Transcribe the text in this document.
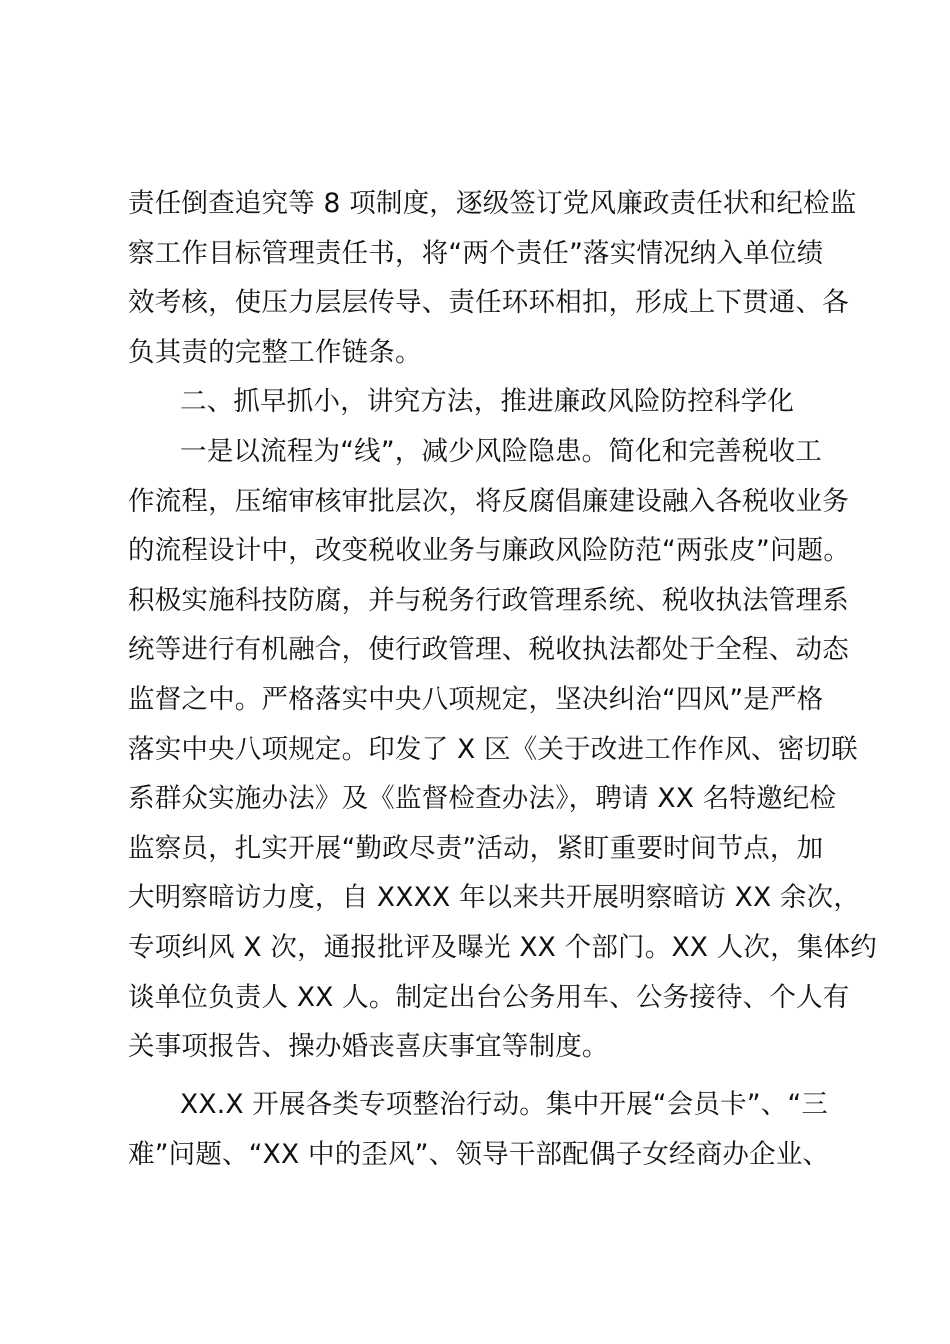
责任倒查追究等 8 项制度，逐级签订党风廉政责任状和纪检监
察工作目标管理责任书，将“两个责任”落实情况纳入单位绩
效考核，使压力层层传导、责任环环相扣，形成上下贯通、各
负其责的完整工作链条。
二、抓早抓小，讲究方法，推进廉政风险防控科学化
一是以流程为“线”，减少风险隐患。简化和完善税收工
作流程，压缩审核审批层次，将反腐倡廉建设融入各税收业务
的流程设计中，改变税收业务与廉政风险防范“两张皮”问题。
积极实施科技防腐，并与税务行政管理系统、税收执法管理系
统等进行有机融合，使行政管理、税收执法都处于全程、动态
监督之中。严格落实中央八项规定，坚决纠治“四风”是严格
落实中央八项规定。印发了 X 区《关于改进工作作风、密切联
系群众实施办法》及《监督检查办法》，聘请 XX 名特邀纪检
监察员，扎实开展“勤政尽责”活动，紧盯重要时间节点，加
大明察暗访力度，自 XXXX 年以来共开展明察暗访 XX 余次，
专项纠风 X 次，通报批评及曝光 XX 个部门。XX 人次，集体约
谈单位负责人 XX 人。制定出台公务用车、公务接待、个人有
关事项报告、操办婚丧喜庆事宜等制度。
XX.X 开展各类专项整治行动。集中开展“会员卡”、“三
难”问题、“XX 中的歪风”、领导干部配偶子女经商办企业、
